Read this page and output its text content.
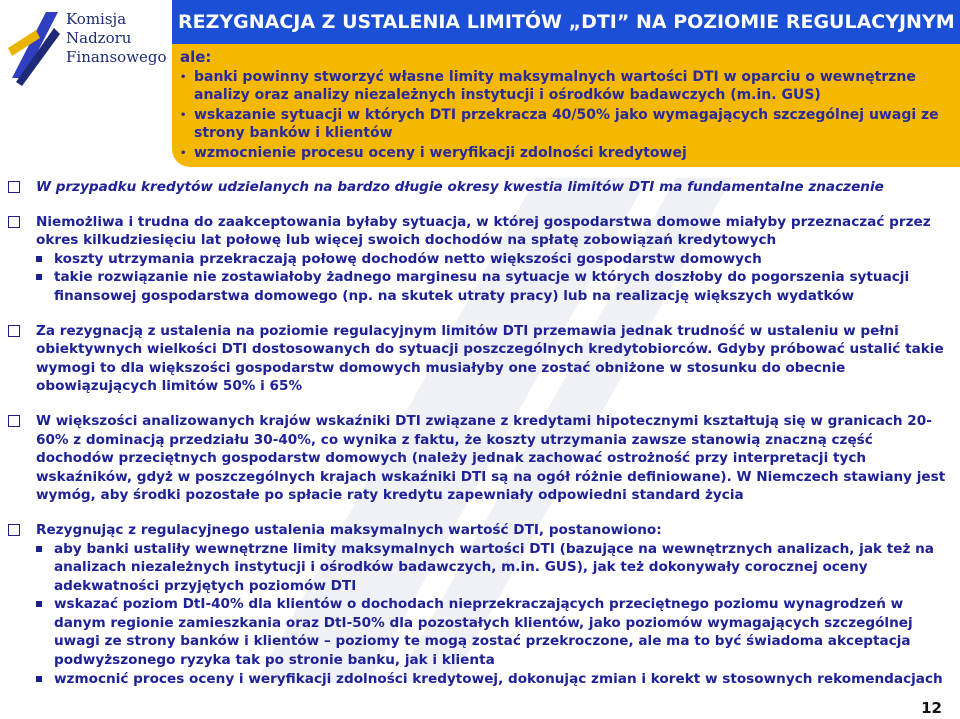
Komisja
Nadzoru
Finansowego
REZYGNACJA Z USTALENIA LIMITÓW „DTI” NA POZIOMIE REGULACYJNYM
ale:
• banki powinny stworzyć własne limity maksymalnych wartości DTI w oparciu o wewnętrzne analizy oraz analizy niezależnych instytucji i ośrodków badawczych (m.in. GUS)
• wskazanie sytuacji w których DTI przekracza 40/50% jako wymagających szczególnej uwagi ze strony banków i klientów
• wzmocnienie procesu oceny i weryfikacji zdolności kredytowej
W przypadku kredytów udzielanych na bardzo długie okresy kwestia limitów DTI ma fundamentalne znaczenie
Niemożliwa i trudna do zaakceptowania byłaby sytuacja, w której gospodarstwa domowe miałyby przeznaczać przez okres kilkudziesięciu lat połowę lub więcej swoich dochodów na spłatę zobowiązań kredytowych
koszty utrzymania przekraczają połowę dochodów netto większości gospodarstw domowych
takie rozwiązanie nie zostawiałoby żadnego marginesu na sytuacje w których doszłoby do pogorszenia sytuacji finansowej gospodarstwa domowego (np. na skutek utraty pracy) lub na realizację większych wydatków
Za rezygnacją z ustalenia na poziomie regulacyjnym limitów DTI przemawia jednak trudność w ustaleniu w pełni obiektywnych wielkości DTI dostosowanych do sytuacji poszczególnych kredytobiorców. Gdyby próbować ustalić takie wymogi to dla większości gospodarstw domowych musiałyby one zostać obniżone w stosunku do obecnie obowiązujących limitów 50% i 65%
W większości analizowanych krajów wskaźniki DTI związane z kredytami hipotecznymi kształtują się w granicach 20-60% z dominacją przedziału 30-40%, co wynika z faktu, że koszty utrzymania zawsze stanowią znaczną część dochodów przeciętnych gospodarstw domowych (należy jednak zachować ostrożność przy interpretacji tych wskaźników, gdyż w poszczególnych krajach wskaźniki DTI są na ogół różnie definiowane). W Niemczech stawiany jest wymóg, aby środki pozostałe po spłacie raty kredytu zapewniały odpowiedni standard życia
Rezygnując z regulacyjnego ustalenia maksymalnych wartość DTI, postanowiono:
aby banki ustaliły wewnętrzne limity maksymalnych wartości DTI (bazujące na wewnętrznych analizach, jak też na analizach niezależnych instytucji i ośrodków badawczych, m.in. GUS), jak też dokonywały corocznej oceny adekwatności przyjętych poziomów DTI
wskazać poziom DtI-40% dla klientów o dochodach nieprzekraczających przeciętnego poziomu wynagrodzeń w danym regionie zamieszkania oraz DtI-50% dla pozostałych klientów, jako poziomów wymagających szczególnej uwagi ze strony banków i klientów – poziomy te mogą zostać przekroczone, ale ma to być świadoma akceptacja podwyższonego ryzyka tak po stronie banku, jak i klienta
wzmocnić proces oceny i weryfikacji zdolności kredytowej, dokonując zmian i korekt w stosownych rekomendacjach
12
